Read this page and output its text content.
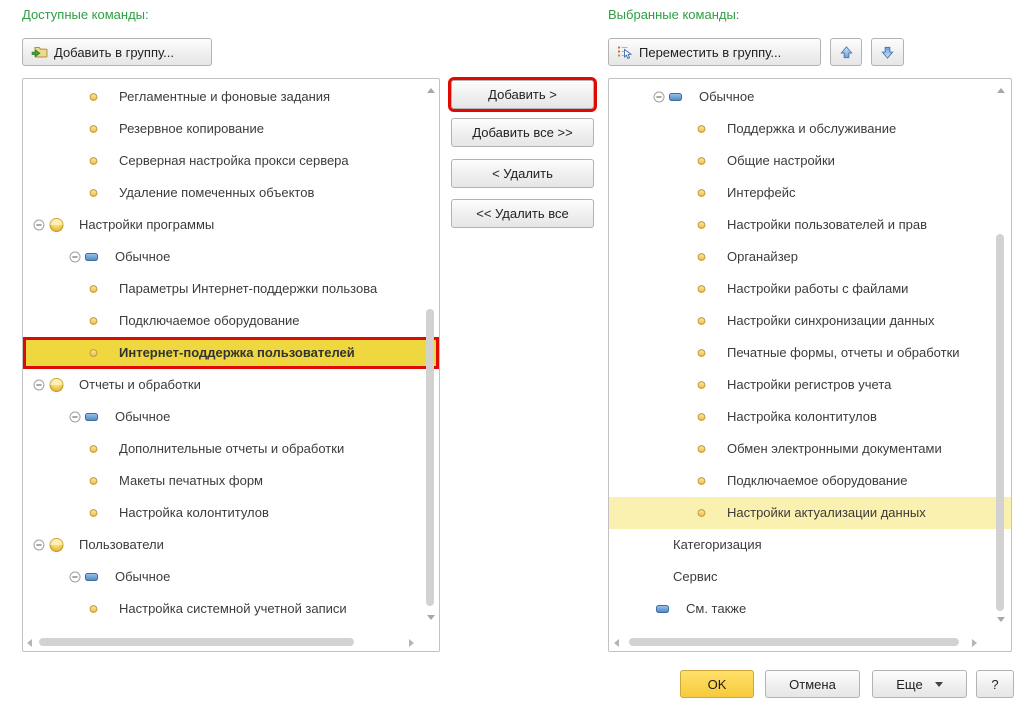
Доступные команды:	Выбранные команды:
Добавить в группу...	Переместить в группу...
Регламентные и фоновые задания
Резервное копирование
Серверная настройка прокси сервера
Удаление помеченных объектов
Настройки программы
Обычное
Параметры Интернет-поддержки пользова
Подключаемое оборудование
Интернет-поддержка пользователей
Отчеты и обработки
Обычное
Дополнительные отчеты и обработки
Макеты печатных форм
Настройка колонтитулов
Пользователи
Обычное
Настройка системной учетной записи
Добавить >
Добавить все >>
< Удалить
<< Удалить все
Обычное
Поддержка и обслуживание
Общие настройки
Интерфейс
Настройки пользователей и прав
Органайзер
Настройки работы с файлами
Настройки синхронизации данных
Печатные формы, отчеты и обработки
Настройки регистров учета
Настройка колонтитулов
Обмен электронными документами
Подключаемое оборудование
Настройки актуализации данных
Категоризация
Сервис
См. также
OK	Отмена	Еще	?
